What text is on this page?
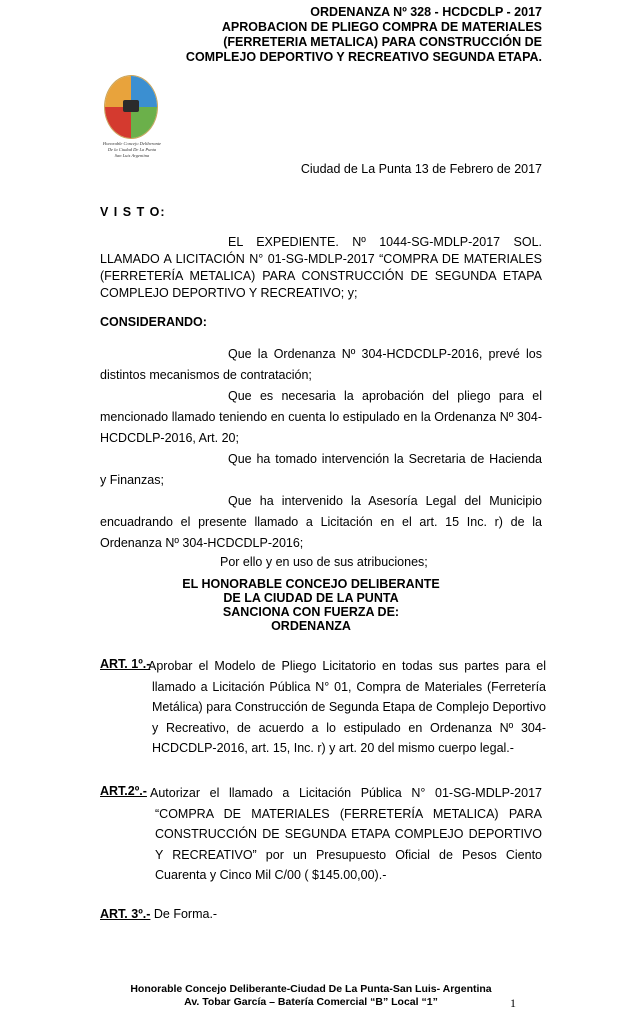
ORDENANZA Nº 328 - HCDCDLP - 2017
APROBACION DE PLIEGO COMPRA DE MATERIALES
(FERRETERIA METALICA) PARA CONSTRUCCIÓN DE
COMPLEJO DEPORTIVO Y RECREATIVO SEGUNDA ETAPA.
Honorable Concejo Deliberante
De la Ciudad De La Punta
San Luis Argentina
Ciudad de La Punta 13 de Febrero de 2017
V I S T O:
EL EXPEDIENTE. Nº 1044-SG-MDLP-2017 SOL. LLAMADO A LICITACIÓN N° 01-SG-MDLP-2017 “COMPRA DE MATERIALES (FERRETERÍA METALICA) PARA CONSTRUCCIÓN DE SEGUNDA ETAPA COMPLEJO DEPORTIVO Y RECREATIVO; y;
CONSIDERANDO:
Que la Ordenanza Nº 304-HCDCDLP-2016, prevé los distintos mecanismos de contratación;
Que es necesaria la aprobación del pliego para el mencionado llamado teniendo en cuenta lo estipulado en la Ordenanza Nº 304-HCDCDLP-2016, Art. 20;
Que ha tomado intervención la Secretaria de Hacienda y Finanzas;
Que ha intervenido la Asesoría Legal del Municipio encuadrando el presente llamado a Licitación en el art. 15 Inc. r) de la Ordenanza Nº 304-HCDCDLP-2016;
Por ello y en uso de sus atribuciones;
EL HONORABLE CONCEJO DELIBERANTE
DE LA CIUDAD DE LA PUNTA
SANCIONA CON FUERZA DE:
ORDENANZA
ART. 1º.-
Aprobar el Modelo de Pliego Licitatorio en todas sus partes para el llamado a Licitación Pública N° 01, Compra de Materiales (Ferretería Metálica) para Construcción de Segunda Etapa de Complejo Deportivo y Recreativo, de acuerdo a lo estipulado en Ordenanza Nº 304-HCDCDLP-2016, art. 15, Inc. r) y art. 20 del mismo cuerpo legal.-
ART.2º.- Autorizar el llamado a Licitación Pública N° 01-SG-MDLP-2017 “COMPRA DE MATERIALES (FERRETERÍA METALICA) PARA CONSTRUCCIÓN DE SEGUNDA ETAPA COMPLEJO DEPORTIVO Y RECREATIVO” por un Presupuesto Oficial de Pesos Ciento Cuarenta y Cinco Mil C/00 ( $145.00,00).-
ART. 3º.- De Forma.-
Honorable Concejo Deliberante-Ciudad De La Punta-San Luis- Argentina
Av. Tobar García – Batería Comercial “B” Local “1”	1
